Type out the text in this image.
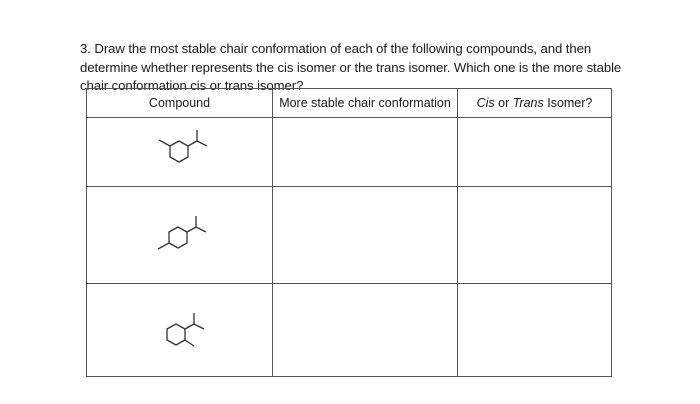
3. Draw the most stable chair conformation of each of the following compounds, and then determine whether represents the cis isomer or the trans isomer. Which one is the more stable chair conformation cis or trans isomer?

Compound	More stable chair conformation	Cis or Trans Isomer?
